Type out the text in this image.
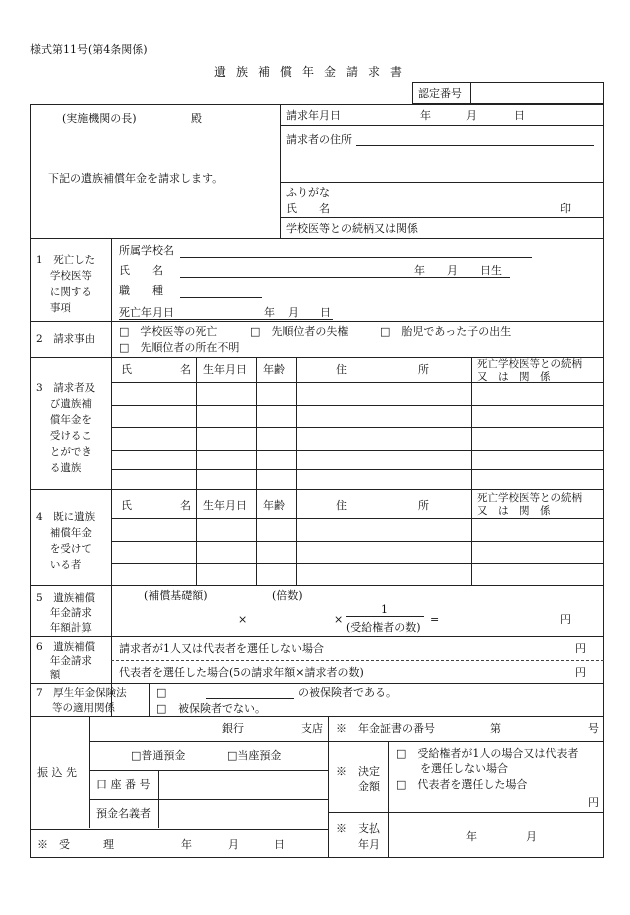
様式第11号(第4条関係)
遺 族 補 償 年 金 請 求 書
認定番号
(実施機関の長)	殿
下記の遺族補償年金を請求します。
請求年月日	年	月	日
請求者の住所
ふりがな
氏　　名	印
学校医等との続柄又は関係
1　 死亡した
　 学校医等
　 に関する
　 事項
所属学校名
氏　　名	年　　月　　日生
職　　種
死亡年月日	年 月 日
2　 請求事由
□　学校医等の死亡	□　先順位者の失権	□　胎児であった子の出生
□　先順位者の所在不明
3　 請求者及
　 び遺族補
　 償年金を
　 受けるこ
　 とができ
　 る遺族
氏	名 生年月日 年齢	住	所	死亡学校医等との続柄
又　は　関　係
4　 既に遺族
　 補償年金
　 を受けて
　 いる者
氏	名 生年月日 年齢	住	所
死亡学校医等との続柄
又　は　関　係
5　 遺族補償
　 年金請求
　 年額計算
(補償基礎額)	(倍数)
×	×
1
(受給権者の数)
=	円
6　 遺族補償
　 年金請求
　 額
請求者が1人又は代表者を選任しない場合	円
代表者を選任した場合(5の請求年額×請求者の数)	円
7　厚生年金保険法
等の適用関係
□	の被保険者である。
□ 被保険者でない。
振 込 先
銀行	支店
□普通預金	□当座預金
口 座 番 号
預金名義者
※　年金証書の番号	第	号
※　決定
金額
□　受給権者が1人の場合又は代表者
を選任しない場合
□　代表者を選任した場合
円
※　支払
年月
年	月
※　受　　　理	年	月	日
